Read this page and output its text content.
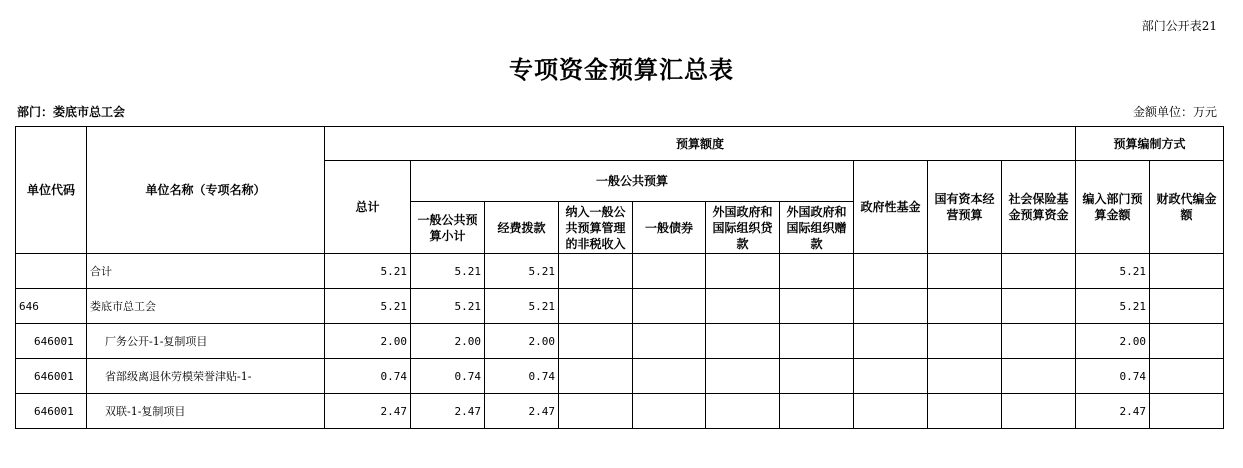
部门公开表21
专项资金预算汇总表
部门：娄底市总工会	金额单位：万元
单位代码	单位名称（专项名称）	预算额度										预算编制方式	
		总计	一般公共预算						政府性基金	国有资本经营预算	社会保险基金预算资金	编入部门预算金额	财政代编金额
			一般公共预算小计	经费拨款	纳入一般公共预算管理的非税收入	一般债券	外国政府和国际组织贷款	外国政府和国际组织赠款					
	合计	5.21	5.21	5.21								5.21	
646	娄底市总工会	5.21	5.21	5.21								5.21	
646001	厂务公开-1-复制项目	2.00	2.00	2.00								2.00	
646001	省部级离退休劳模荣誉津贴-1-	0.74	0.74	0.74								0.74	
646001	双联-1-复制项目	2.47	2.47	2.47								2.47	
